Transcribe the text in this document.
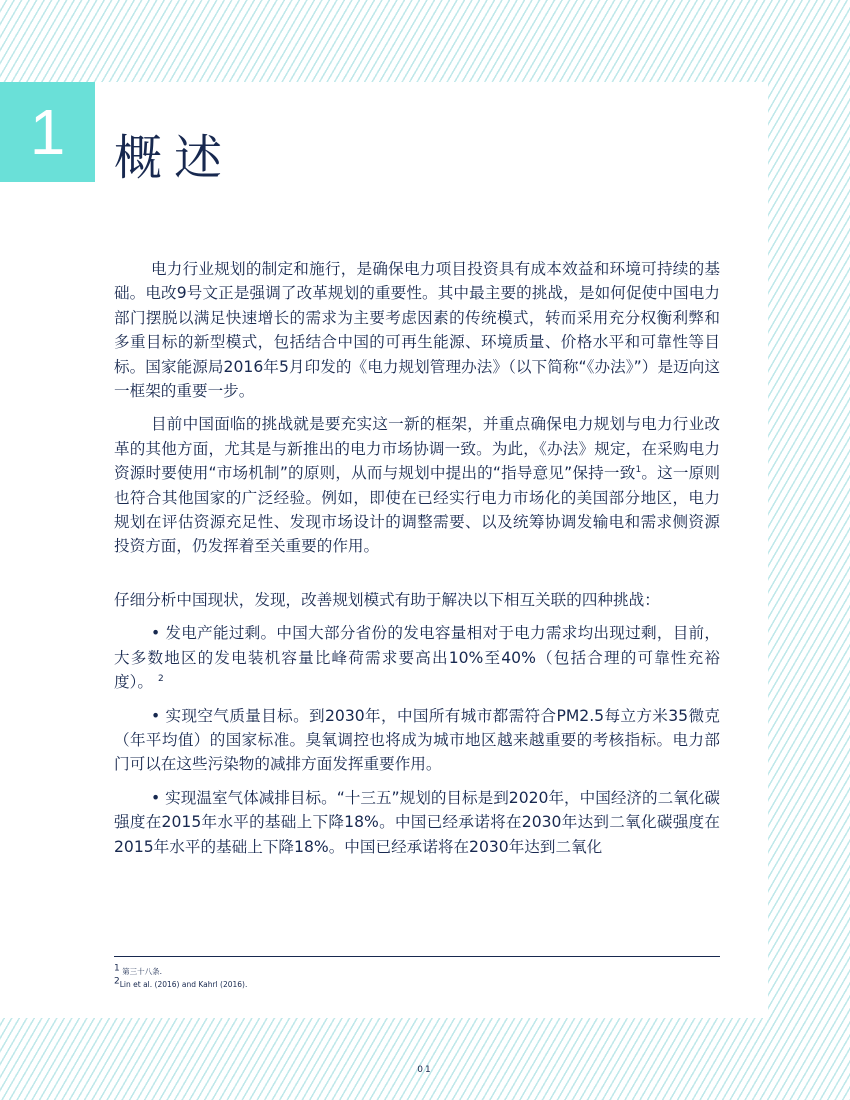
1	概述

电力行业规划的制定和施行，是确保电力项目投资具有成本效益和环境可持续的基础。电改9号文正是强调了改革规划的重要性。其中最主要的挑战，是如何促使中国电力部门摆脱以满足快速增长的需求为主要考虑因素的传统模式，转而采用充分权衡利弊和多重目标的新型模式，包括结合中国的可再生能源、环境质量、价格水平和可靠性等目标。国家能源局2016年5月印发的《电力规划管理办法》（以下简称“《办法》”）是迈向这一框架的重要一步。

目前中国面临的挑战就是要充实这一新的框架，并重点确保电力规划与电力行业改革的其他方面，尤其是与新推出的电力市场协调一致。为此，《办法》规定，在采购电力资源时要使用“市场机制”的原则，从而与规划中提出的“指导意见”保持一致$^1$。这一原则也符合其他国家的广泛经验。例如，即使在已经实行电力市场化的美国部分地区，电力规划在评估资源充足性、发现市场设计的调整需要、以及统筹协调发输电和需求侧资源投资方面，仍发挥着至关重要的作用。

仔细分析中国现状，发现，改善规划模式有助于解决以下相互关联的四种挑战：

• 发电产能过剩。中国大部分省份的发电容量相对于电力需求均出现过剩，目前，大多数地区的发电装机容量比峰荷需求要高出10%至40%（包括合理的可靠性充裕度）。 $^2$

• 实现空气质量目标。到2030年，中国所有城市都需符合PM2.5每立方米35微克（年平均值）的国家标准。臭氧调控也将成为城市地区越来越重要的考核指标。电力部门可以在这些污染物的减排方面发挥重要作用。

• 实现温室气体减排目标。“十三五”规划的目标是到2020年，中国经济的二氧化碳强度在2015年水平的基础上下降18%。中国已经承诺将在2030年达到二氧化碳强度在2015年水平的基础上下降18%。中国已经承诺将在2030年达到二氧化

$^1$ 第三十八条.
$^2$Lin et al. (2016) and Kahrl (2016).
01
